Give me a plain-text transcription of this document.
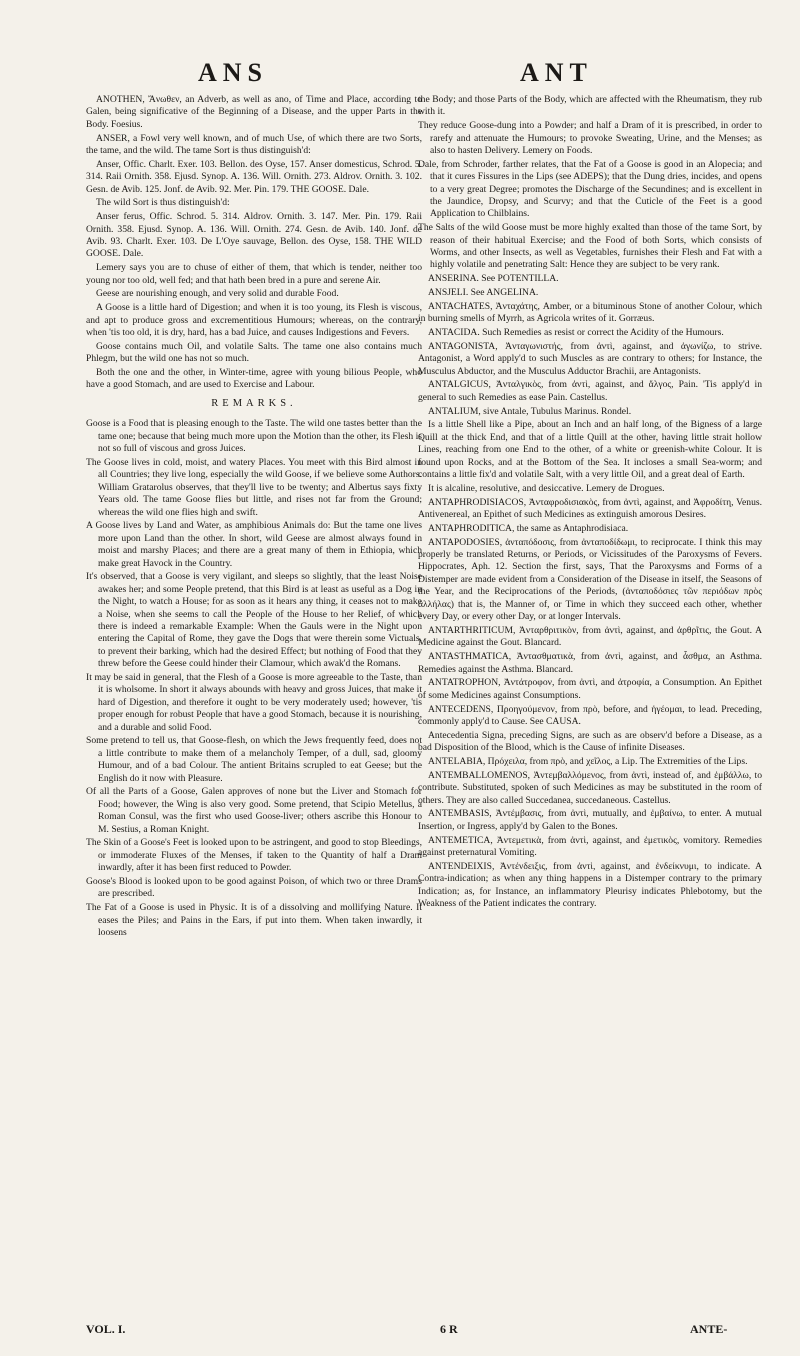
ANS	ANT

ANOTHEN, Ἄνωθεν, an Adverb, as well as ano, of Time and Place, according to Galen, being significative of the Beginning of a Disease, and the upper Parts in the Body. Foesius.

ANSER, a Fowl very well known, and of much Use, of which there are two Sorts, the tame, and the wild. The tame Sort is thus distinguish'd:

Anser, Offic. Charlt. Exer. 103. Bellon. des Oyse, 157. Anser domesticus, Schrod. 5. 314. Raii Ornith. 358. Ejusd. Synop. A. 136. Will. Ornith. 273. Aldrov. Ornith. 3. 102. Gesn. de Avib. 125. Jonf. de Avib. 92. Mer. Pin. 179. THE GOOSE. Dale.

The wild Sort is thus distinguish'd:

Anser ferus, Offic. Schrod. 5. 314. Aldrov. Ornith. 3. 147. Mer. Pin. 179. Raii Ornith. 358. Ejusd. Synop. A. 136. Will. Ornith. 274. Gesn. de Avib. 140. Jonf. de Avib. 93. Charlt. Exer. 103. De L'Oye sauvage, Bellon. des Oyse, 158. THE WILD GOOSE. Dale.

Lemery says you are to chuse of either of them, that which is tender, neither too young nor too old, well fed; and that hath been bred in a pure and serene Air.

Geese are nourishing enough, and very solid and durable Food.

A Goose is a little hard of Digestion; and when it is too young, its Flesh is viscous, and apt to produce gross and excrementitious Humours; whereas, on the contrary, when 'tis too old, it is dry, hard, has a bad Juice, and causes Indigestions and Fevers.

Goose contains much Oil, and volatile Salts. The tame one also contains much Phlegm, but the wild one has not so much.

Both the one and the other, in Winter-time, agree with young bilious People, who have a good Stomach, and are used to Exercise and Labour.

REMARKS.

Goose is a Food that is pleasing enough to the Taste. The wild one tastes better than the tame one; because that being much more upon the Motion than the other, its Flesh is not so full of viscous and gross Juices.

The Goose lives in cold, moist, and watery Places. You meet with this Bird almost in all Countries; they live long, especially the wild Goose, if we believe some Authors. William Gratarolus observes, that they'll live to be twenty; and Albertus says fixty Years old. The tame Goose flies but little, and rises not far from the Ground; whereas the wild one flies high and swift.

A Goose lives by Land and Water, as amphibious Animals do: But the tame one lives more upon Land than the other. In short, wild Geese are almost always found in moist and marshy Places; and there are a great many of them in Ethiopia, which make great Havock in the Country.

It's observed, that a Goose is very vigilant, and sleeps so slightly, that the least Noise awakes her; and some People pretend, that this Bird is at least as useful as a Dog in the Night, to watch a House; for as soon as it hears any thing, it ceases not to make a Noise, when she seems to call the People of the House to her Relief, of which there is indeed a remarkable Example: When the Gauls were in the Night upon entering the Capital of Rome, they gave the Dogs that were therein some Victuals, to prevent their barking, which had the desired Effect; but nothing of Food that they threw before the Geese could hinder their Clamour, which awak'd the Romans.

It may be said in general, that the Flesh of a Goose is more agreeable to the Taste, than it is wholsome. In short it always abounds with heavy and gross Juices, that make it hard of Digestion, and therefore it ought to be very moderately used; however, 'tis proper enough for robust People that have a good Stomach, because it is nourishing, and a durable and solid Food.

Some pretend to tell us, that Goose-flesh, on which the Jews frequently feed, does not a little contribute to make them of a melancholy Temper, of a dull, sad, gloomy Humour, and of a bad Colour. The antient Britains scrupled to eat Geese; but the English do it now with Pleasure.

Of all the Parts of a Goose, Galen approves of none but the Liver and Stomach for Food; however, the Wing is also very good. Some pretend, that Scipio Metellus, a Roman Consul, was the first who used Goose-liver; others ascribe this Honour to M. Sestius, a Roman Knight.

The Skin of a Goose's Feet is looked upon to be astringent, and good to stop Bleedings, or immoderate Fluxes of the Menses, if taken to the Quantity of half a Dram inwardly, after it has been first reduced to Powder.

Goose's Blood is looked upon to be good against Poison, of which two or three Drams are prescribed.

The Fat of a Goose is used in Physic. It is of a dissolving and mollifying Nature. It eases the Piles; and Pains in the Ears, if put into them. When taken inwardly, it loosens

the Body; and those Parts of the Body, which are affected with the Rheumatism, they rub with it.

They reduce Goose-dung into a Powder; and half a Dram of it is prescribed, in order to rarefy and attenuate the Humours; to provoke Sweating, Urine, and the Menses; as also to hasten Delivery. Lemery on Foods.

Dale, from Schroder, farther relates, that the Fat of a Goose is good in an Alopecia; and that it cures Fissures in the Lips (see ADEPS); that the Dung dries, incides, and opens to a very great Degree; promotes the Discharge of the Secundines; and is excellent in the Jaundice, Dropsy, and Scurvy; and that the Cuticle of the Feet is a good Application to Chilblains.

The Salts of the wild Goose must be more highly exalted than those of the tame Sort, by reason of their habitual Exercise; and the Food of both Sorts, which consists of Worms, and other Insects, as well as Vegetables, furnishes their Flesh and Fat with a highly volatile and penetrating Salt: Hence they are subject to be very rank.

ANSERINA. See POTENTILLA.

ANSJELI. See ANGELINA.

ANTACHATES, Ἀνταχάτης, Amber, or a bituminous Stone of another Colour, which in burning smells of Myrrh, as Agricola writes of it. Gorræus.

ANTACIDA. Such Remedies as resist or correct the Acidity of the Humours.

ANTAGONISTA, Ἀνταγωνιστής, from ἀντὶ, against, and ἀγωνίζω, to strive. Antagonist, a Word apply'd to such Muscles as are contrary to others; for Instance, the Musculus Abductor, and the Musculus Adductor Brachii, are Antagonists.

ANTALGICUS, Ἀνταλγικὸς, from ἀντὶ, against, and ἄλγος, Pain. 'Tis apply'd in general to such Remedies as ease Pain. Castellus.

ANTALIUM, sive Antale, Tubulus Marinus. Rondel.

Is a little Shell like a Pipe, about an Inch and an half long, of the Bigness of a large Quill at the thick End, and that of a little Quill at the other, having little strait hollow Lines, reaching from one End to the other, of a white or greenish-white Colour. It is found upon Rocks, and at the Bottom of the Sea. It incloses a small Sea-worm; and contains a little fix'd and volatile Salt, with a very little Oil, and a great deal of Earth.

It is alcaline, resolutive, and desiccative. Lemery de Drogues.

ANTAPHRODISIACOS, Ἀνταφροδισιακὸς, from ἀντὶ, against, and Ἀφροδίτη, Venus. Antivenereal, an Epithet of such Medicines as extinguish amorous Desires.

ANTAPHRODITICA, the same as Antaphrodisiaca.

ANTAPODOSIES, ἀνταπόδοσις, from ἀνταποδίδωμι, to reciprocate. I think this may properly be translated Returns, or Periods, or Vicissitudes of the Paroxysms of Fevers. Hippocrates, Aph. 12. Section the first, says, That the Paroxysms and Forms of a Distemper are made evident from a Consideration of the Disease in itself, the Seasons of the Year, and the Reciprocations of the Periods, (ἀνταποδόσιες τῶν περιόδων πρὸς ἀλλήλας) that is, the Manner of, or Time in which they succeed each other, whether every Day, or every other Day, or at longer Intervals.

ANTARTHRITICUM, Ἀνταρθριτικὸν, from ἀντὶ, against, and ἀρθρῖτις, the Gout. A Medicine against the Gout. Blancard.

ANTASTHMATICA, Ἀντασθματικὰ, from ἀντὶ, against, and ἆσθμα, an Asthma. Remedies against the Asthma. Blancard.

ANTATROPHON, Ἀντάτροφον, from ἀντὶ, and ἀτροφία, a Consumption. An Epithet of some Medicines against Consumptions.

ANTECEDENS, Προηγούμενον, from πρὸ, before, and ἡγέομαι, to lead. Preceding, commonly apply'd to Cause. See CAUSA.

Antecedentia Signa, preceding Signs, are such as are observ'd before a Disease, as a bad Disposition of the Blood, which is the Cause of infinite Diseases.

ANTELABIA, Πρόχειλα, from πρὸ, and χεῖλος, a Lip. The Extremities of the Lips.

ANTEMBALLOMENOS, Ἀντεμβαλλόμενος, from ἀντὶ, instead of, and ἐμβάλλω, to contribute. Substituted, spoken of such Medicines as may be substituted in the room of others. They are also called Succedanea, succedaneous. Castellus.

ANTEMBASIS, Ἀντέμβασις, from ἀντὶ, mutually, and ἐμβαίνω, to enter. A mutual Insertion, or Ingress, apply'd by Galen to the Bones.

ANTEMETICA, Ἀντεμετικὰ, from ἀντὶ, against, and ἐμετικὸς, vomitory. Remedies against preternatural Vomiting.

ANTENDEIXIS, Ἀντένδειξις, from ἀντὶ, against, and ἐνδείκνυμι, to indicate. A Contra-indication; as when any thing happens in a Distemper contrary to the primary Indication; as, for Instance, an inflammatory Pleurisy indicates Phlebotomy, but the Weakness of the Patient indicates the contrary.

VOL. I.	6 R	ANTE-
